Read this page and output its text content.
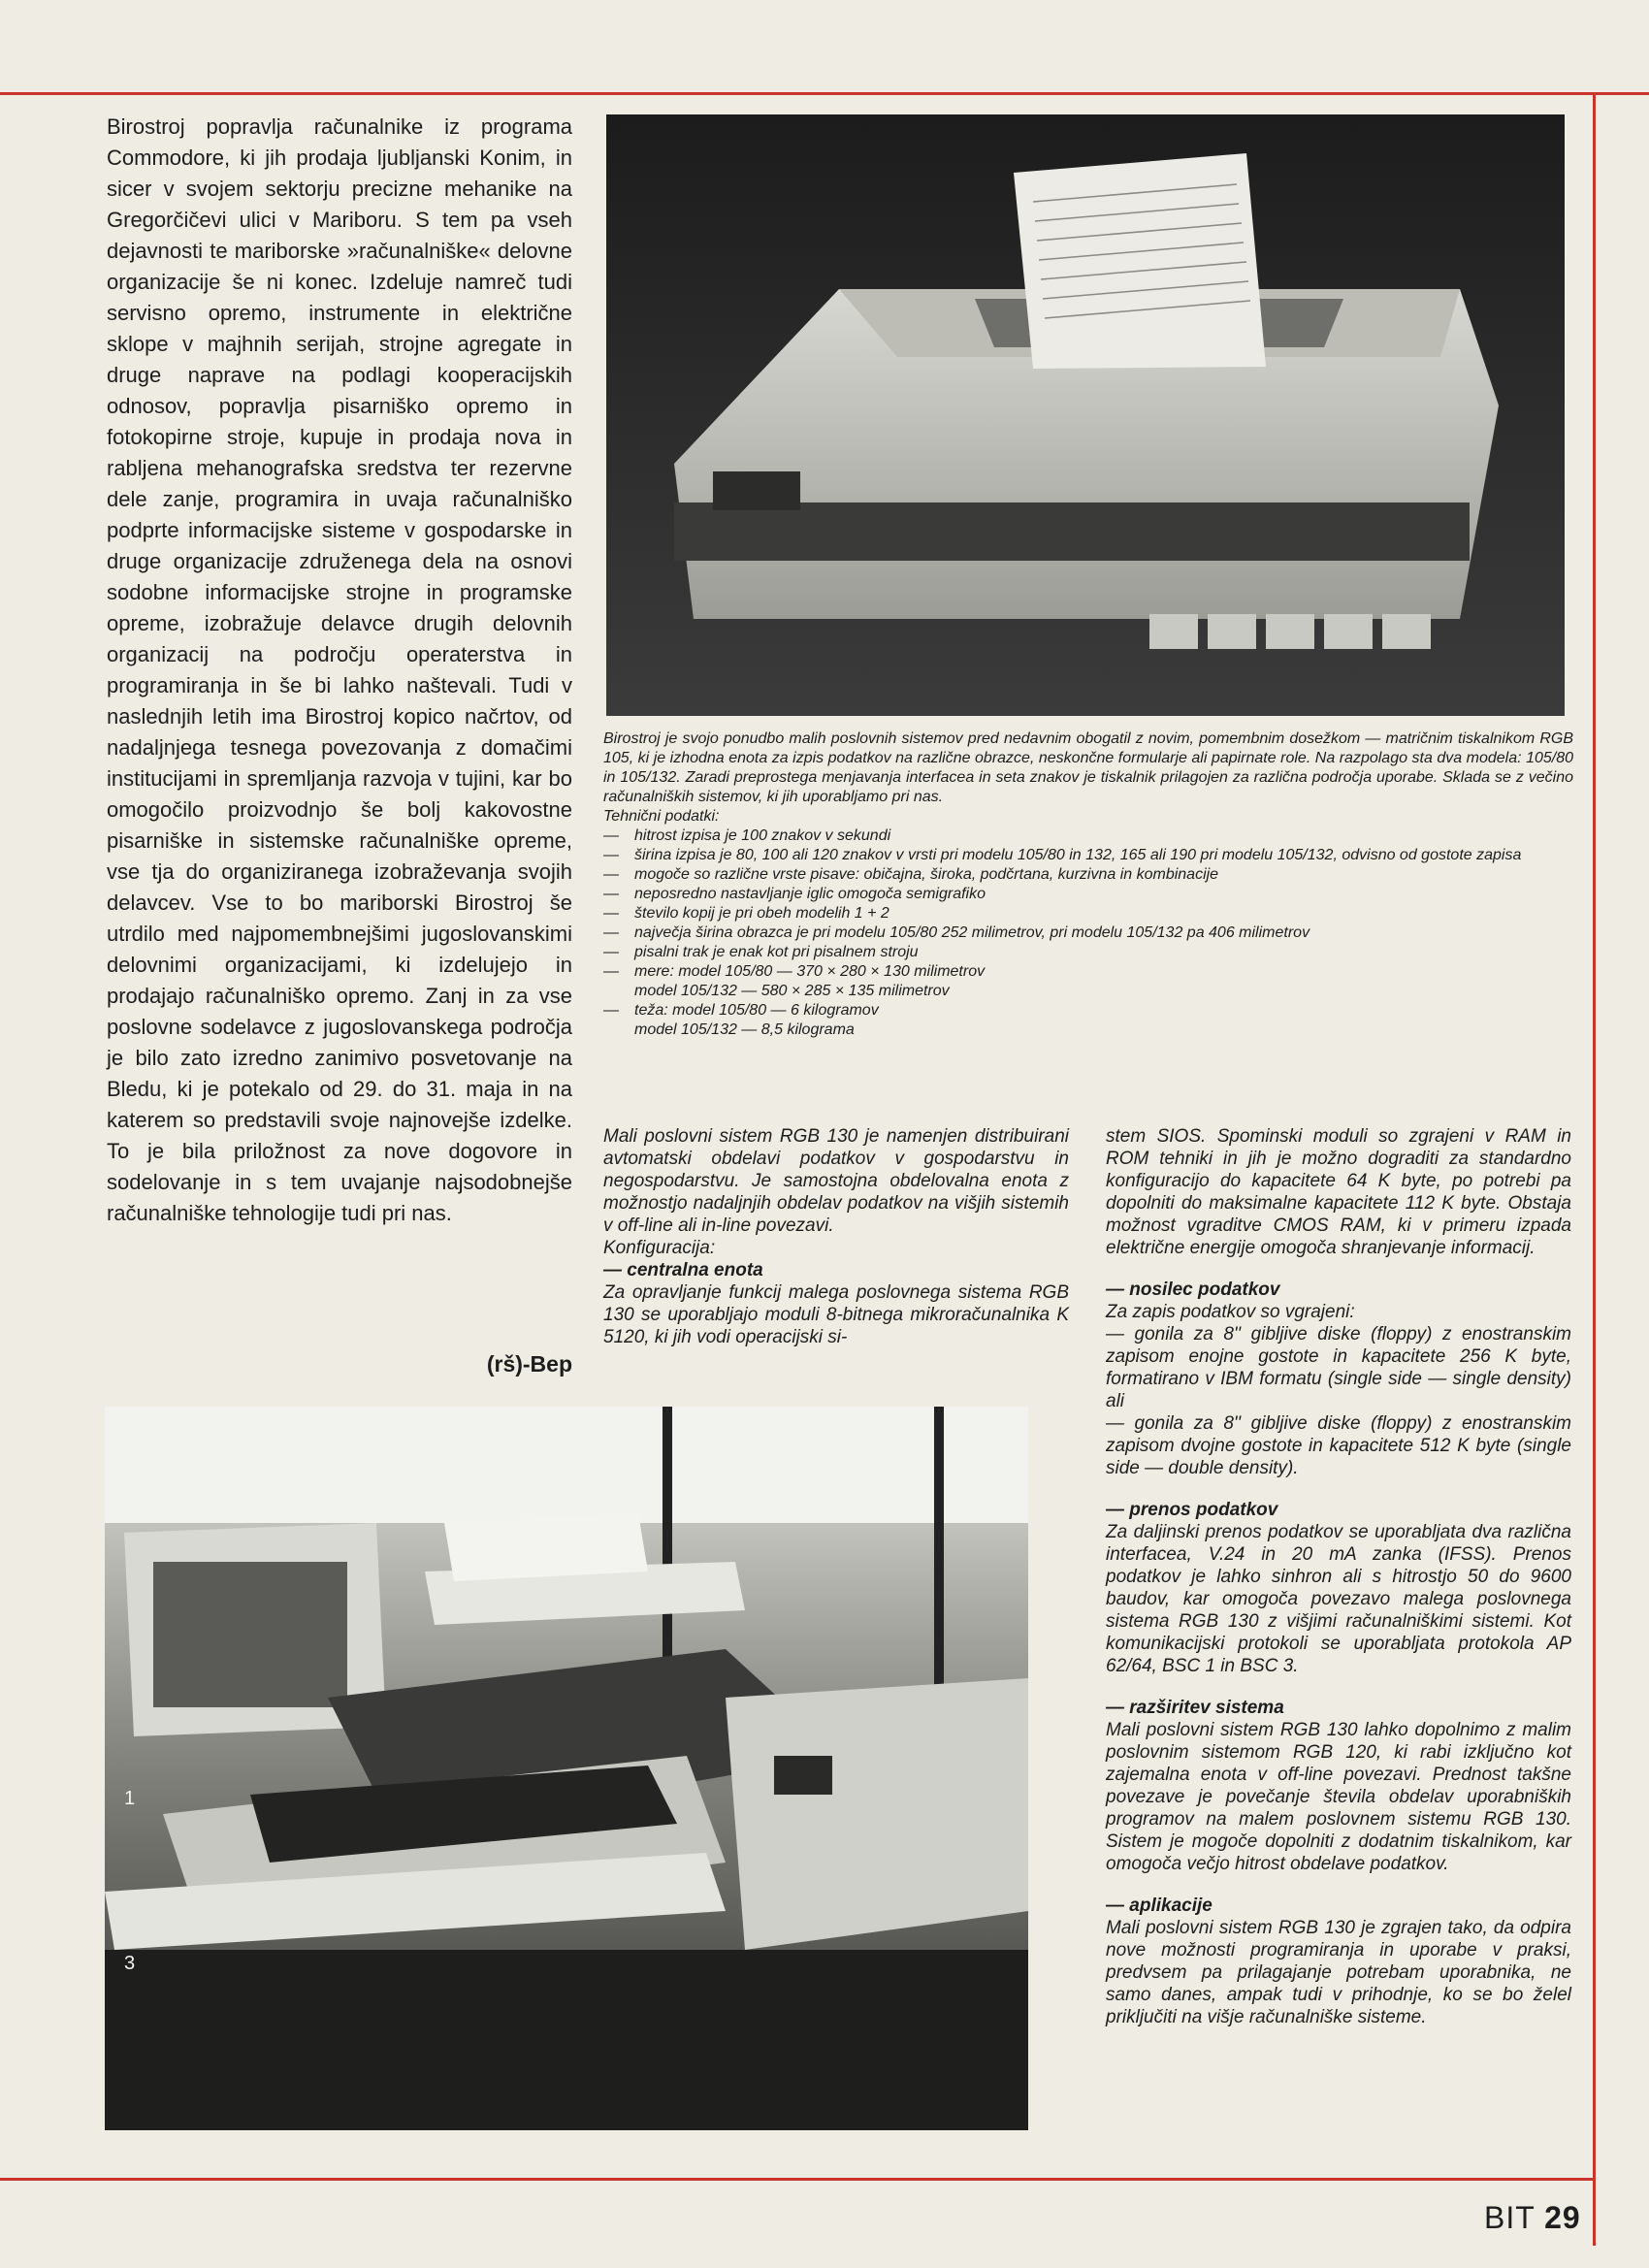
Birostroj popravlja računalnike iz programa Commodore, ki jih prodaja ljubljanski Konim, in sicer v svojem sektorju precizne mehanike na Gregorčičevi ulici v Mariboru. S tem pa vseh dejavnosti te mariborske »računalniške« delovne organizacije še ni konec. Izdeluje namreč tudi servisno opremo, instrumente in električne sklope v majhnih serijah, strojne agregate in druge naprave na podlagi kooperacijskih odnosov, popravlja pisarniško opremo in fotokopirne stroje, kupuje in prodaja nova in rabljena mehanografska sredstva ter rezervne dele zanje, programira in uvaja računalniško podprte informacijske sisteme v gospodarske in druge organizacije združenega dela na osnovi sodobne informacijske strojne in programske opreme, izobražuje delavce drugih delovnih organizacij na področju operaterstva in programiranja in še bi lahko naštevali. Tudi v naslednjih letih ima Birostroj kopico načrtov, od nadaljnjega tesnega povezovanja z domačimi institucijami in spremljanja razvoja v tujini, kar bo omogočilo proizvodnjo še bolj kakovostne pisarniške in sistemske računalniške opreme, vse tja do organiziranega izobraževanja svojih delavcev. Vse to bo mariborski Birostroj še utrdilo med najpomembnejšimi jugoslovanskimi delovnimi organizacijami, ki izdelujejo in prodajajo računalniško opremo. Zanj in za vse poslovne sodelavce z jugoslovanskega področja je bilo zato izredno zanimivo posvetovanje na Bledu, ki je potekalo od 29. do 31. maja in na katerem so predstavili svoje najnovejše izdelke. To je bila priložnost za nove dogovore in sodelovanje in s tem uvajanje najsodobnejše računalniške tehnologije tudi pri nas.

(rš)-Bep

Birostroj je svojo ponudbo malih poslovnih sistemov pred nedavnim obogatil z novim, pomembnim dosežkom — matričnim tiskalnikom RGB 105, ki je izhodna enota za izpis podatkov na različne obrazce, neskončne formularje ali papirnate role. Na razpolago sta dva modela: 105/80 in 105/132. Zaradi preprostega menjavanja interfacea in seta znakov je tiskalnik prilagojen za različna področja uporabe. Sklada se z večino računalniških sistemov, ki jih uporabljamo pri nas.

Tehnični podatki:

— hitrost izpisa je 100 znakov v sekundi
— širina izpisa je 80, 100 ali 120 znakov v vrsti pri modelu 105/80 in 132, 165 ali 190 pri modelu 105/132, odvisno od gostote zapisa
— mogoče so različne vrste pisave: običajna, široka, podčrtana, kurzivna in kombinacije
— neposredno nastavljanje iglic omogoča semigrafiko
— število kopij je pri obeh modelih 1 + 2
— največja širina obrazca je pri modelu 105/80 252 milimetrov, pri modelu 105/132 pa 406 milimetrov
— pisalni trak je enak kot pri pisalnem stroju
— mere: model 105/80 — 370 × 280 × 130 milimetrov
model 105/132 — 580 × 285 × 135 milimetrov
— teža: model 105/80 — 6 kilogramov
model 105/132 — 8,5 kilograma

Mali poslovni sistem RGB 130 je namenjen distribuirani avtomatski obdelavi podatkov v gospodarstvu in negospodarstvu. Je samostojna obdelovalna enota z možnostjo nadaljnjih obdelav podatkov na višjih sistemih v off-line ali in-line povezavi.

Konfiguracija:

— centralna enota

Za opravljanje funkcij malega poslovnega sistema RGB 130 se uporabljajo moduli 8-bitnega mikroračunalnika K 5120, ki jih vodi operacijski si-

stem SIOS. Spominski moduli so zgrajeni v RAM in ROM tehniki in jih je možno dograditi za standardno konfiguracijo do kapacitete 64 K byte, po potrebi pa dopolniti do maksimalne kapacitete 112 K byte. Obstaja možnost vgraditve CMOS RAM, ki v primeru izpada električne energije omogoča shranjevanje informacij.

— nosilec podatkov

Za zapis podatkov so vgrajeni:

— gonila za 8'' gibljive diske (floppy) z enostranskim zapisom enojne gostote in kapacitete 256 K byte, formatirano v IBM formatu (single side — single density) ali

— gonila za 8'' gibljive diske (floppy) z enostranskim zapisom dvojne gostote in kapacitete 512 K byte (single side — double density).

— prenos podatkov

Za daljinski prenos podatkov se uporabljata dva različna interfacea, V.24 in 20 mA zanka (IFSS). Prenos podatkov je lahko sinhron ali s hitrostjo 50 do 9600 baudov, kar omogoča povezavo malega poslovnega sistema RGB 130 z višjimi računalniškimi sistemi. Kot komunikacijski protokoli se uporabljata protokola AP 62/64, BSC 1 in BSC 3.

— razširitev sistema

Mali poslovni sistem RGB 130 lahko dopolnimo z malim poslovnim sistemom RGB 120, ki rabi izključno kot zajemalna enota v off-line povezavi. Prednost takšne povezave je povečanje števila obdelav uporabniških programov na malem poslovnem sistemu RGB 130. Sistem je mogoče dopolniti z dodatnim tiskalnikom, kar omogoča večjo hitrost obdelave podatkov.

— aplikacije

Mali poslovni sistem RGB 130 je zgrajen tako, da odpira nove možnosti programiranja in uporabe v praksi, predvsem pa prilagajanje potrebam uporabnika, ne samo danes, ampak tudi v prihodnje, ko se bo želel priključiti na višje računalniške sisteme.

1
3
BIT 29
